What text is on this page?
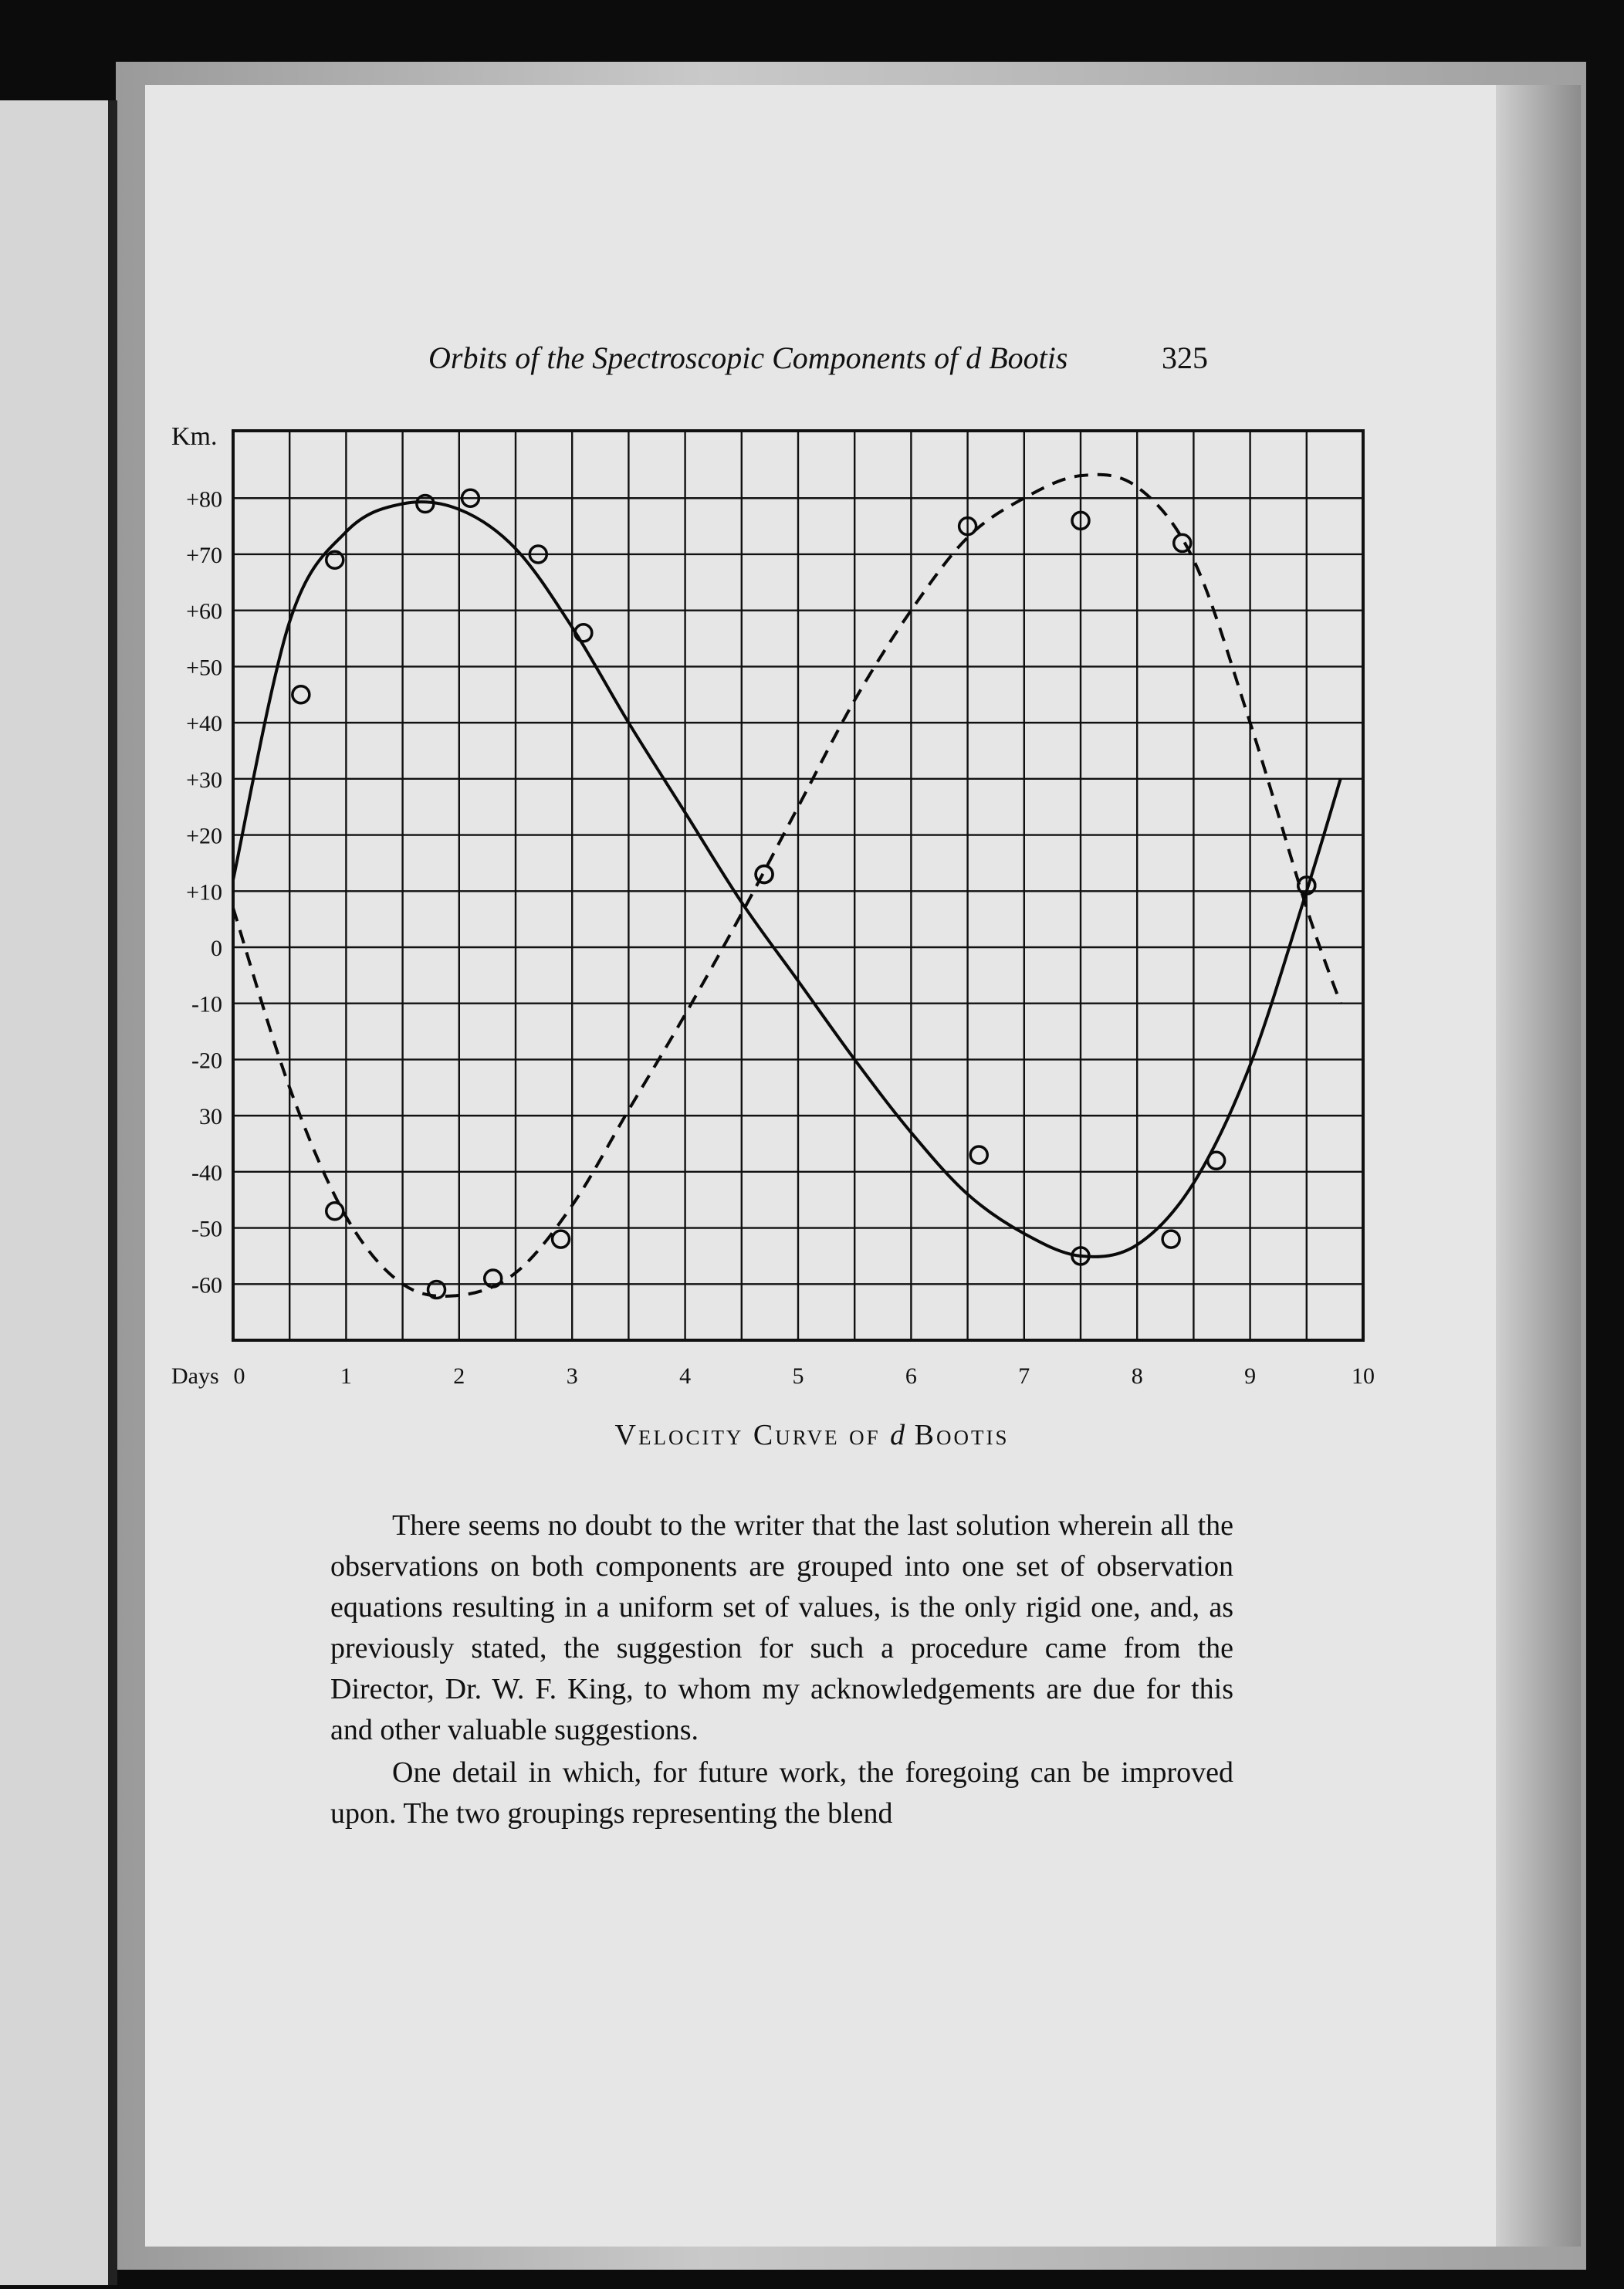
Orbits of the Spectroscopic Components of d Bootis	325
Km.
+80
+70
+60
+50
+40
+30
+20
+10
0
-10
-20
30
-40
-50
-60
Days 0	1	2	3	4	5	6	7	8	9	10
Velocity Curve of d Bootis

There seems no doubt to the writer that the last solution wherein all the observations on both components are grouped into one set of observation equations resulting in a uniform set of values, is the only rigid one, and, as previously stated, the suggestion for such a procedure came from the Director, Dr. W. F. King, to whom my acknowledgements are due for this and other valuable suggestions.

One detail in which, for future work, the foregoing can be improved upon. The two groupings representing the blend
